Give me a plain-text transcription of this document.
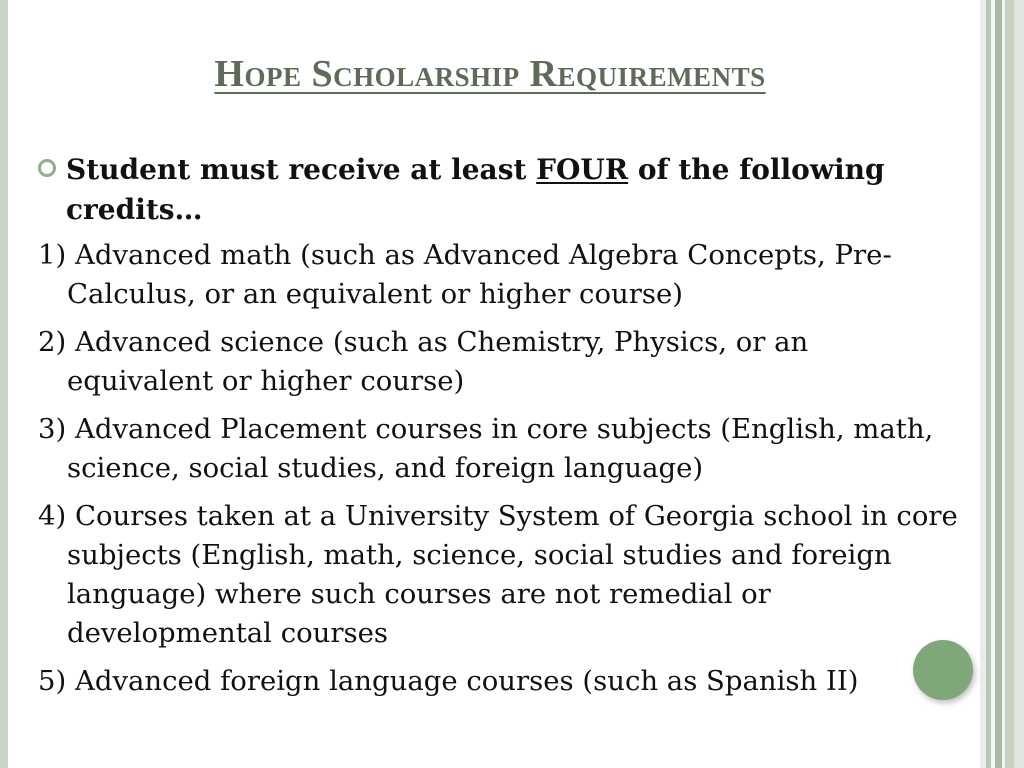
Hope Scholarship Requirements
Student must receive at least FOUR of the following credits…
1) Advanced math (such as Advanced Algebra Concepts, Pre-Calculus, or an equivalent or higher course)
2) Advanced science (such as Chemistry, Physics, or an equivalent or higher course)
3) Advanced Placement courses in core subjects (English, math, science, social studies, and foreign language)
4) Courses taken at a University System of Georgia school in core subjects (English, math, science, social studies and foreign language) where such courses are not remedial or developmental courses
5) Advanced foreign language courses (such as Spanish II)
